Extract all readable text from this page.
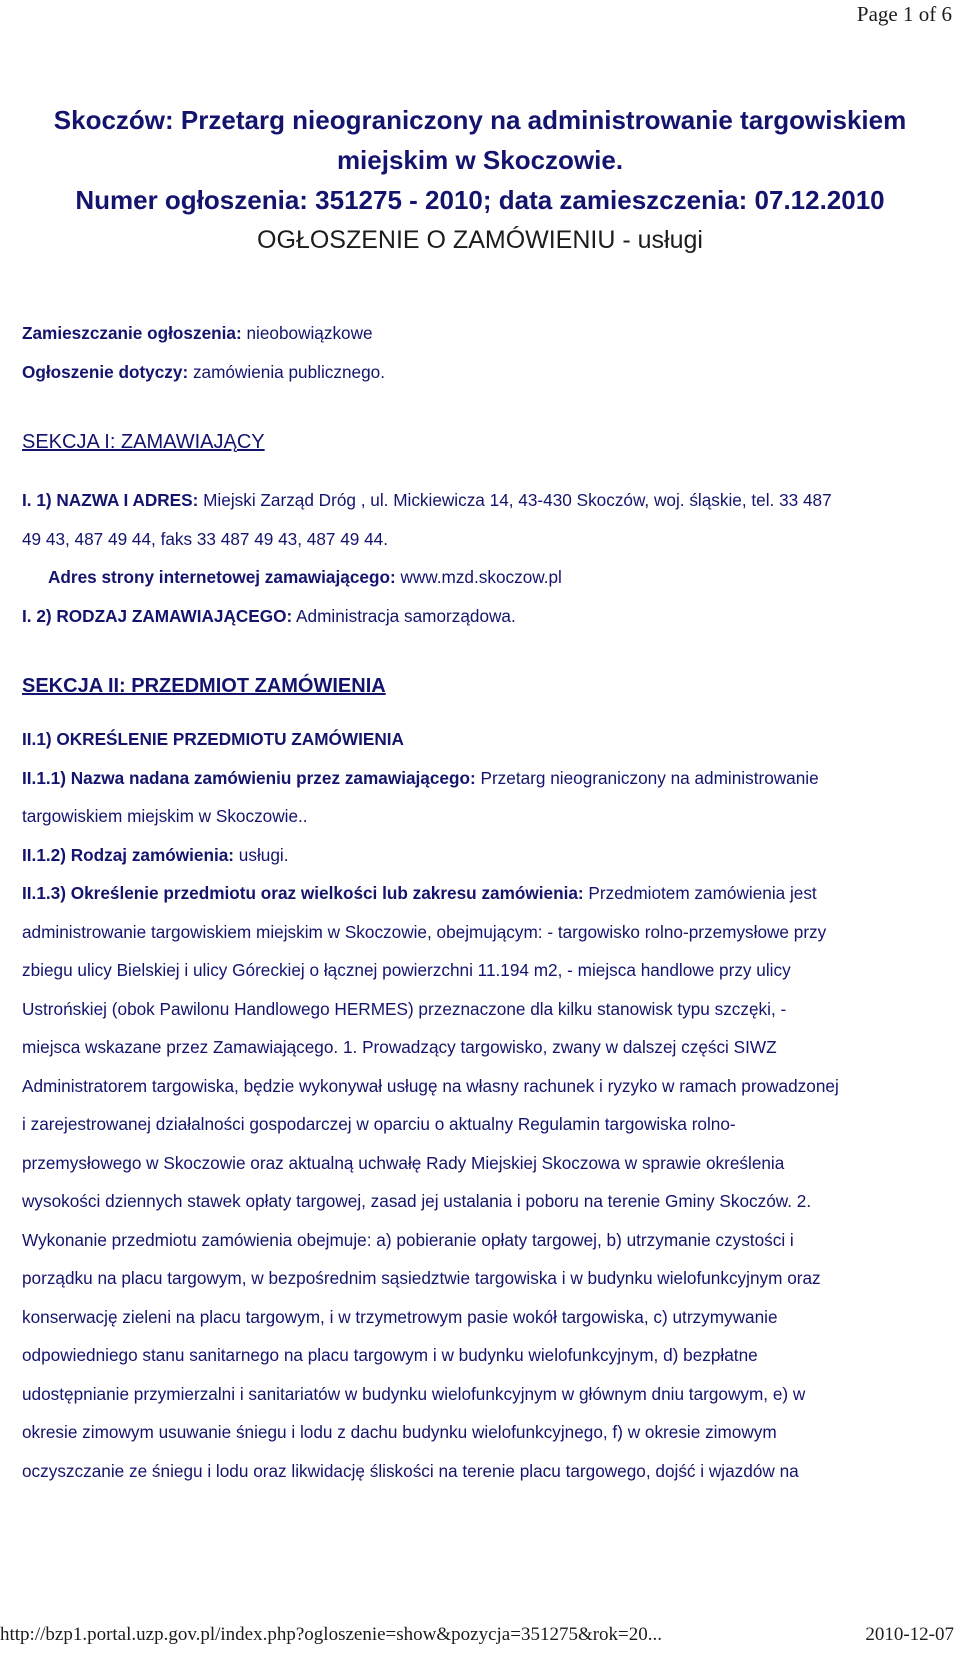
Page 1 of 6
Skoczów: Przetarg nieograniczony na administrowanie targowiskiem
miejskim w Skoczowie.
Numer ogłoszenia: 351275 - 2010; data zamieszczenia: 07.12.2010
OGŁOSZENIE O ZAMÓWIENIU - usługi
Zamieszczanie ogłoszenia: nieobowiązkowe
Ogłoszenie dotyczy: zamówienia publicznego.
SEKCJA I: ZAMAWIAJĄCY
I. 1) NAZWA I ADRES: Miejski Zarząd Dróg , ul. Mickiewicza 14, 43-430 Skoczów, woj. śląskie, tel. 33 487
49 43, 487 49 44, faks 33 487 49 43, 487 49 44.
Adres strony internetowej zamawiającego: www.mzd.skoczow.pl
I. 2) RODZAJ ZAMAWIAJĄCEGO: Administracja samorządowa.
SEKCJA II: PRZEDMIOT ZAMÓWIENIA
II.1) OKREŚLENIE PRZEDMIOTU ZAMÓWIENIA
II.1.1) Nazwa nadana zamówieniu przez zamawiającego: Przetarg nieograniczony na administrowanie
targowiskiem miejskim w Skoczowie..
II.1.2) Rodzaj zamówienia: usługi.
II.1.3) Określenie przedmiotu oraz wielkości lub zakresu zamówienia: Przedmiotem zamówienia jest
administrowanie targowiskiem miejskim w Skoczowie, obejmującym: - targowisko rolno-przemysłowe przy
zbiegu ulicy Bielskiej i ulicy Góreckiej o łącznej powierzchni 11.194 m2, - miejsca handlowe przy ulicy
Ustrońskiej (obok Pawilonu Handlowego HERMES) przeznaczone dla kilku stanowisk typu szczęki, -
miejsca wskazane przez Zamawiającego. 1. Prowadzący targowisko, zwany w dalszej części SIWZ
Administratorem targowiska, będzie wykonywał usługę na własny rachunek i ryzyko w ramach prowadzonej
i zarejestrowanej działalności gospodarczej w oparciu o aktualny Regulamin targowiska rolno-
przemysłowego w Skoczowie oraz aktualną uchwałę Rady Miejskiej Skoczowa w sprawie określenia
wysokości dziennych stawek opłaty targowej, zasad jej ustalania i poboru na terenie Gminy Skoczów. 2.
Wykonanie przedmiotu zamówienia obejmuje: a) pobieranie opłaty targowej, b) utrzymanie czystości i
porządku na placu targowym, w bezpośrednim sąsiedztwie targowiska i w budynku wielofunkcyjnym oraz
konserwację zieleni na placu targowym, i w trzymetrowym pasie wokół targowiska, c) utrzymywanie
odpowiedniego stanu sanitarnego na placu targowym i w budynku wielofunkcyjnym, d) bezpłatne
udostępnianie przymierzalni i sanitariatów w budynku wielofunkcyjnym w głównym dniu targowym, e) w
okresie zimowym usuwanie śniegu i lodu z dachu budynku wielofunkcyjnego, f) w okresie zimowym
oczyszczanie ze śniegu i lodu oraz likwidację śliskości na terenie placu targowego, dojść i wjazdów na
http://bzp1.portal.uzp.gov.pl/index.php?ogloszenie=show&pozycja=351275&rok=20...	2010-12-07
